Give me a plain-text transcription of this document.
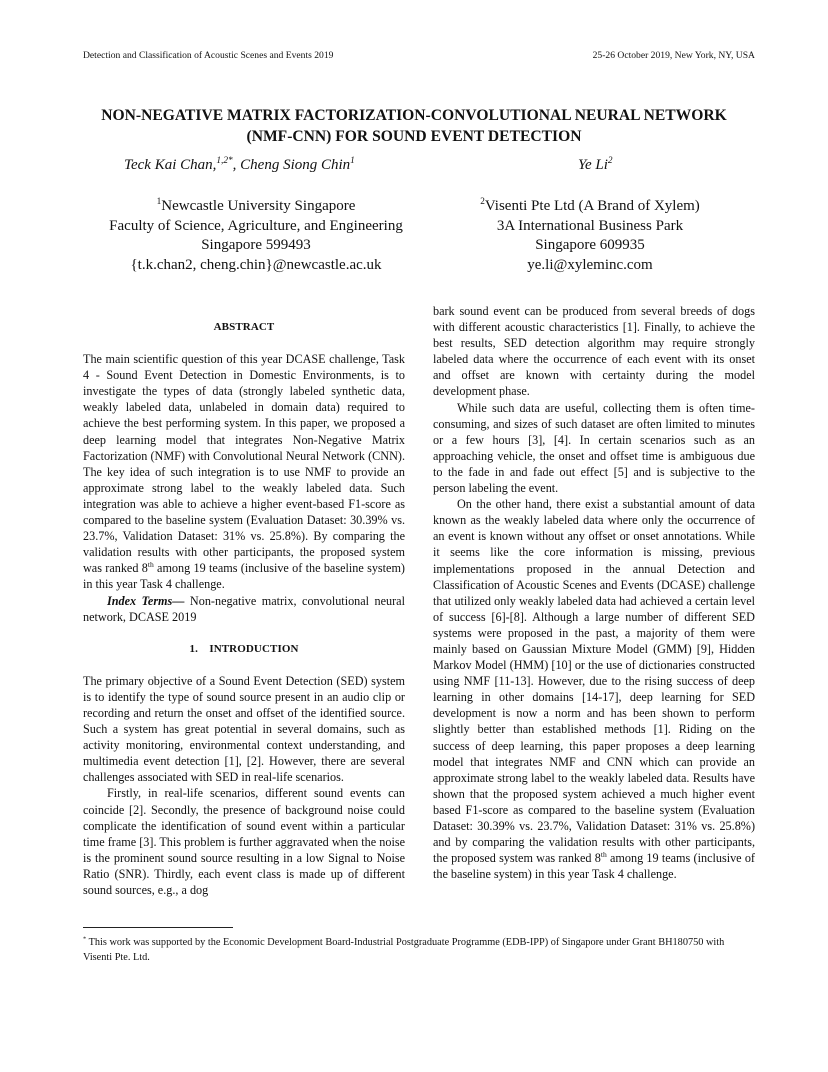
Detection and Classification of Acoustic Scenes and Events 2019	25-26 October 2019, New York, NY, USA
NON-NEGATIVE MATRIX FACTORIZATION-CONVOLUTIONAL NEURAL NETWORK
(NMF-CNN) FOR SOUND EVENT DETECTION
Teck Kai Chan,$^{1,2*}$, Cheng Siong Chin$^1$	Ye Li$^2$
$^1$Newcastle University Singapore
Faculty of Science, Agriculture, and Engineering
Singapore 599493
{t.k.chan2, cheng.chin}@newcastle.ac.uk
$^2$Visenti Pte Ltd (A Brand of Xylem)
3A International Business Park
Singapore 609935
ye.li@xyleminc.com
ABSTRACT

The main scientific question of this year DCASE challenge, Task 4 - Sound Event Detection in Domestic Environments, is to investigate the types of data (strongly labeled synthetic data, weakly labeled data, unlabeled in domain data) required to achieve the best performing system. In this paper, we proposed a deep learning model that integrates Non-Negative Matrix Factorization (NMF) with Convolutional Neural Network (CNN). The key idea of such integration is to use NMF to provide an approximate strong label to the weakly labeled data. Such integration was able to achieve a higher event-based F1-score as compared to the baseline system (Evaluation Dataset: 30.39% vs. 23.7%, Validation Dataset: 31% vs. 25.8%). By comparing the validation results with other participants, the proposed system was ranked 8th among 19 teams (inclusive of the baseline system) in this year Task 4 challenge.

Index Terms— Non-negative matrix, convolutional neural network, DCASE 2019

1.    INTRODUCTION

The primary objective of a Sound Event Detection (SED) system is to identify the type of sound source present in an audio clip or recording and return the onset and offset of the identified source. Such a system has great potential in several domains, such as activity monitoring, environmental context understanding, and multimedia event detection [1], [2]. However, there are several challenges associated with SED in real-life scenarios.

Firstly, in real-life scenarios, different sound events can coincide [2]. Secondly, the presence of background noise could complicate the identification of sound event within a particular time frame [3]. This problem is further aggravated when the noise is the prominent sound source resulting in a low Signal to Noise Ratio (SNR). Thirdly, each event class is made up of different sound sources, e.g., a dog

bark sound event can be produced from several breeds of dogs with different acoustic characteristics [1]. Finally, to achieve the best results, SED detection algorithm may require strongly labeled data where the occurrence of each event with its onset and offset are known with certainty during the model development phase.

While such data are useful, collecting them is often time-consuming, and sizes of such dataset are often limited to minutes or a few hours [3], [4]. In certain scenarios such as an approaching vehicle, the onset and offset time is ambiguous due to the fade in and fade out effect [5] and is subjective to the person labeling the event.

On the other hand, there exist a substantial amount of data known as the weakly labeled data where only the occurrence of an event is known without any offset or onset annotations. While it seems like the core information is missing, previous implementations proposed in the annual Detection and Classification of Acoustic Scenes and Events (DCASE) challenge that utilized only weakly labeled data had achieved a certain level of success [6]-[8]. Although a large number of different SED systems were proposed in the past, a majority of them were mainly based on Gaussian Mixture Model (GMM) [9], Hidden Markov Model (HMM) [10] or the use of dictionaries constructed using NMF [11-13]. However, due to the rising success of deep learning in other domains [14-17], deep learning for SED development is now a norm and has been shown to perform slightly better than established methods [1]. Riding on the success of deep learning, this paper proposes a deep learning model that integrates NMF and CNN which can provide an approximate strong label to the weakly labeled data. Results have shown that the proposed system achieved a much higher event based F1-score as compared to the baseline system (Evaluation Dataset: 30.39% vs. 23.7%, Validation Dataset: 31% vs. 25.8%) and by comparing the validation results with other participants, the proposed system was ranked 8th among 19 teams (inclusive of the baseline system) in this year Task 4 challenge.

* This work was supported by the Economic Development Board-Industrial Postgraduate Programme (EDB-IPP) of Singapore under Grant BH180750 with Visenti Pte. Ltd.
